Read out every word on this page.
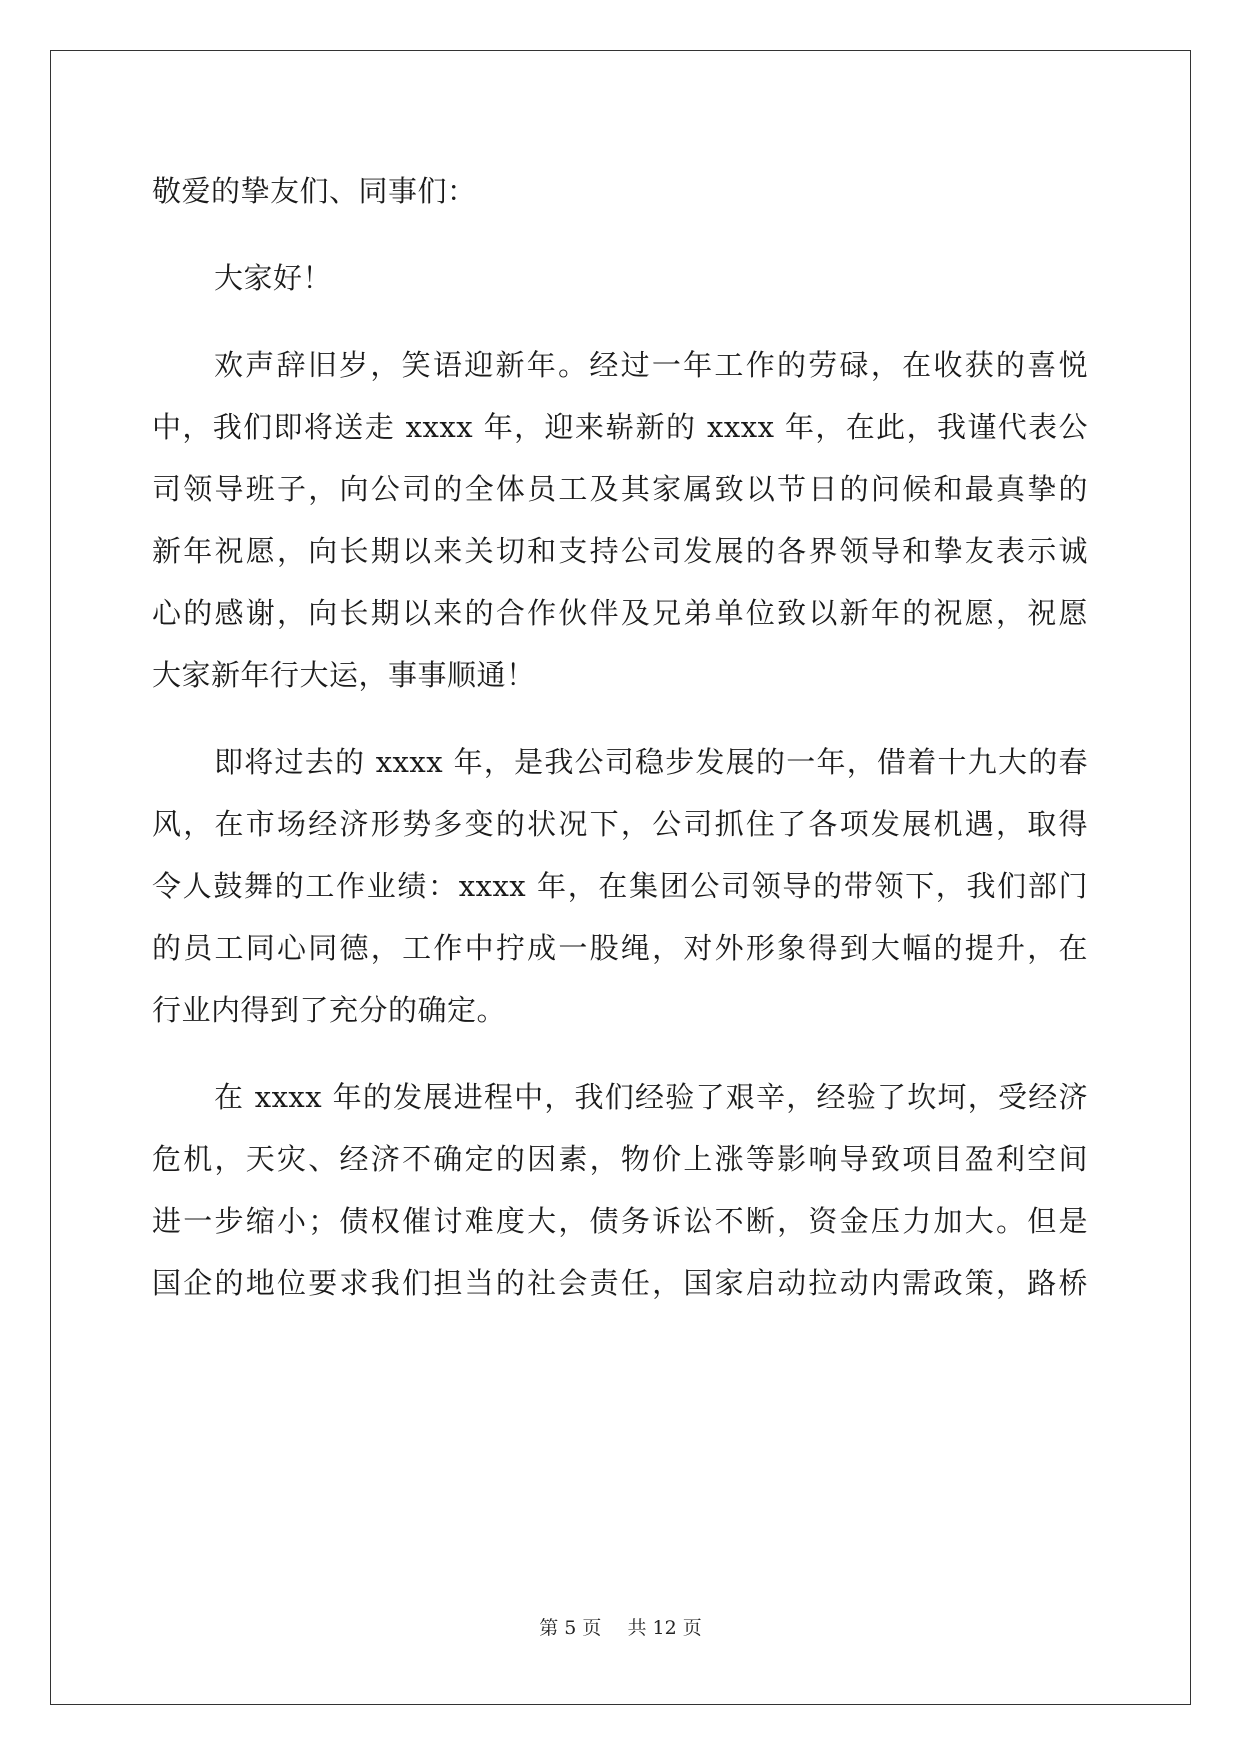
敬爱的挚友们、同事们：

大家好！

欢声辞旧岁，笑语迎新年。经过一年工作的劳碌，在收获的喜悦
中，我们即将送走 xxxx 年，迎来崭新的 xxxx 年，在此，我谨代表公
司领导班子，向公司的全体员工及其家属致以节日的问候和最真挚的
新年祝愿，向长期以来关切和支持公司发展的各界领导和挚友表示诚
心的感谢，向长期以来的合作伙伴及兄弟单位致以新年的祝愿，祝愿
大家新年行大运，事事顺通！

即将过去的 xxxx 年，是我公司稳步发展的一年，借着十九大的春
风，在市场经济形势多变的状况下，公司抓住了各项发展机遇，取得
令人鼓舞的工作业绩：xxxx 年，在集团公司领导的带领下，我们部门
的员工同心同德，工作中拧成一股绳，对外形象得到大幅的提升，在
行业内得到了充分的确定。

在 xxxx 年的发展进程中，我们经验了艰辛，经验了坎坷，受经济
危机，天灾、经济不确定的因素，物价上涨等影响导致项目盈利空间
进一步缩小；债权催讨难度大，债务诉讼不断，资金压力加大。但是
国企的地位要求我们担当的社会责任，国家启动拉动内需政策，路桥

第 5 页 共 12 页
